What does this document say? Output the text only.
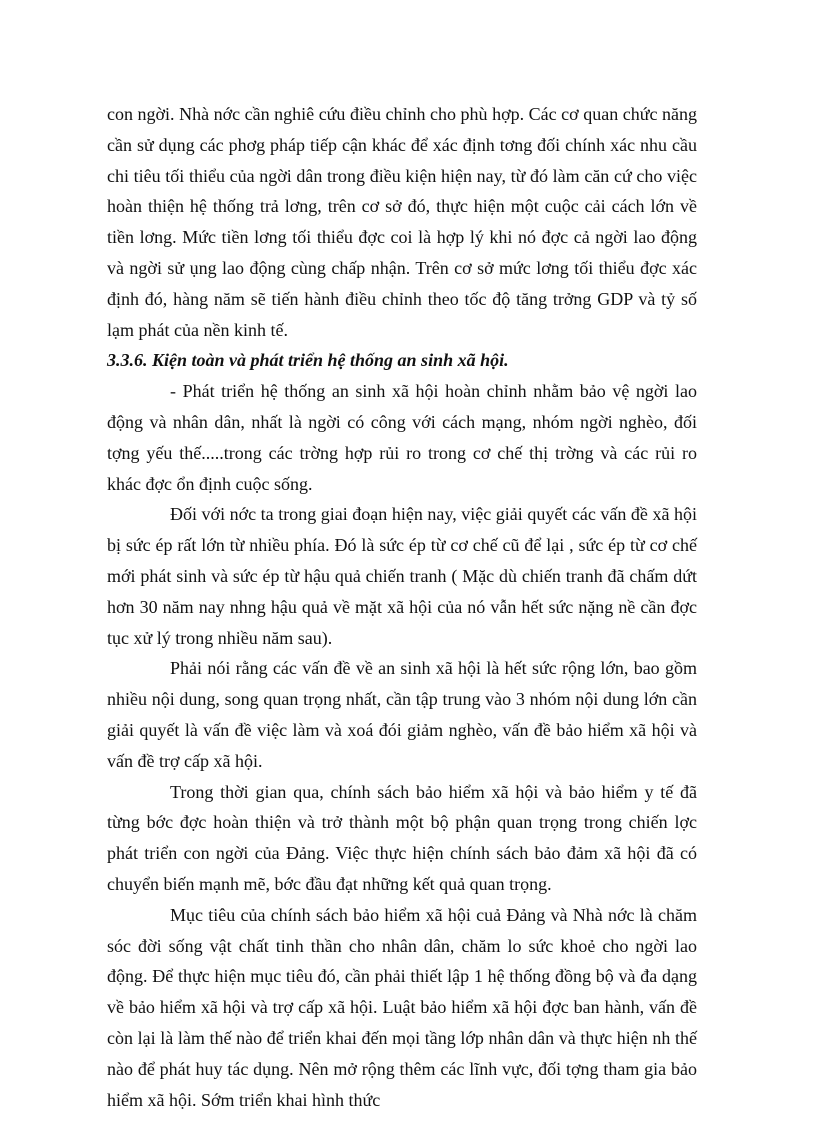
con ngời. Nhà nớc cần nghiê cứu điều chỉnh cho phù hợp. Các cơ quan chức năng cần sử dụng các phơg pháp tiếp cận khác để xác định tơng đối chính xác nhu cầu chi tiêu tối thiểu của ngời dân trong điều kiện hiện nay, từ đó làm căn cứ cho việc hoàn thiện hệ thống trả lơng, trên cơ sở đó, thực hiện một cuộc cải cách lớn về tiền lơng. Mức tiền lơng tối thiểu đợc coi là hợp lý khi nó đợc cả ngời lao động và ngời sử ụng lao động cùng chấp nhận. Trên cơ sở mức lơng tối thiểu đợc xác định đó, hàng năm sẽ tiến hành điều chỉnh theo tốc độ tăng trởng GDP và tỷ số lạm phát của nền kinh tế.

3.3.6. Kiện toàn và phát triển hệ thống an sinh xã hội.

- Phát triển hệ thống an sinh xã hội hoàn chỉnh nhằm bảo vệ ngời lao động và nhân dân, nhất là ngời có công với cách mạng, nhóm ngời nghèo, đối tợng yếu thế.....trong các trờng hợp rủi ro trong cơ chế thị trờng và các rủi ro khác đợc ổn định cuộc sống.

Đối với nớc ta trong giai đoạn hiện nay, việc giải quyết các vấn đề xã hội bị sức ép rất lớn từ nhiều phía. Đó là sức ép từ cơ chế cũ để lại , sức ép từ cơ chế mới phát sinh và sức ép từ hậu quả chiến tranh ( Mặc dù chiến tranh đã chấm dứt hơn 30 năm nay nhng hậu quả về mặt xã hội của nó vẫn hết sức nặng nề cần đợc tục xử lý trong nhiều năm sau).

Phải nói rằng các vấn đề về an sinh xã hội là hết sức rộng lớn, bao gồm nhiều nội dung, song quan trọng nhất, cần tập trung vào 3 nhóm nội dung lớn cần giải quyết là vấn đề việc làm và xoá đói giảm nghèo, vấn đề bảo hiểm xã hội và vấn đề trợ cấp xã hội.

Trong thời gian qua, chính sách bảo hiểm xã hội và bảo hiểm y tế đã từng bớc đợc hoàn thiện và trở thành một bộ phận quan trọng trong chiến lợc phát triển con ngời của Đảng. Việc thực hiện chính sách bảo đảm xã hội đã có chuyển biến mạnh mẽ, bớc đầu đạt những kết quả quan trọng.

Mục tiêu của chính sách bảo hiểm xã hội cuả Đảng và Nhà nớc là chăm sóc đời sống vật chất tinh thần cho nhân dân, chăm lo sức khoẻ cho ngời lao động. Để thực hiện mục tiêu đó, cần phải thiết lập 1 hệ thống đồng bộ và đa dạng về bảo hiểm xã hội và trợ cấp xã hội. Luật bảo hiểm xã hội đợc ban hành, vấn đề còn lại là làm thế nào để triển khai đến mọi tầng lớp nhân dân và thực hiện nh thế nào để phát huy tác dụng. Nên mở rộng thêm các lĩnh vực, đối tợng tham gia bảo hiểm xã hội. Sớm triển khai hình thức
